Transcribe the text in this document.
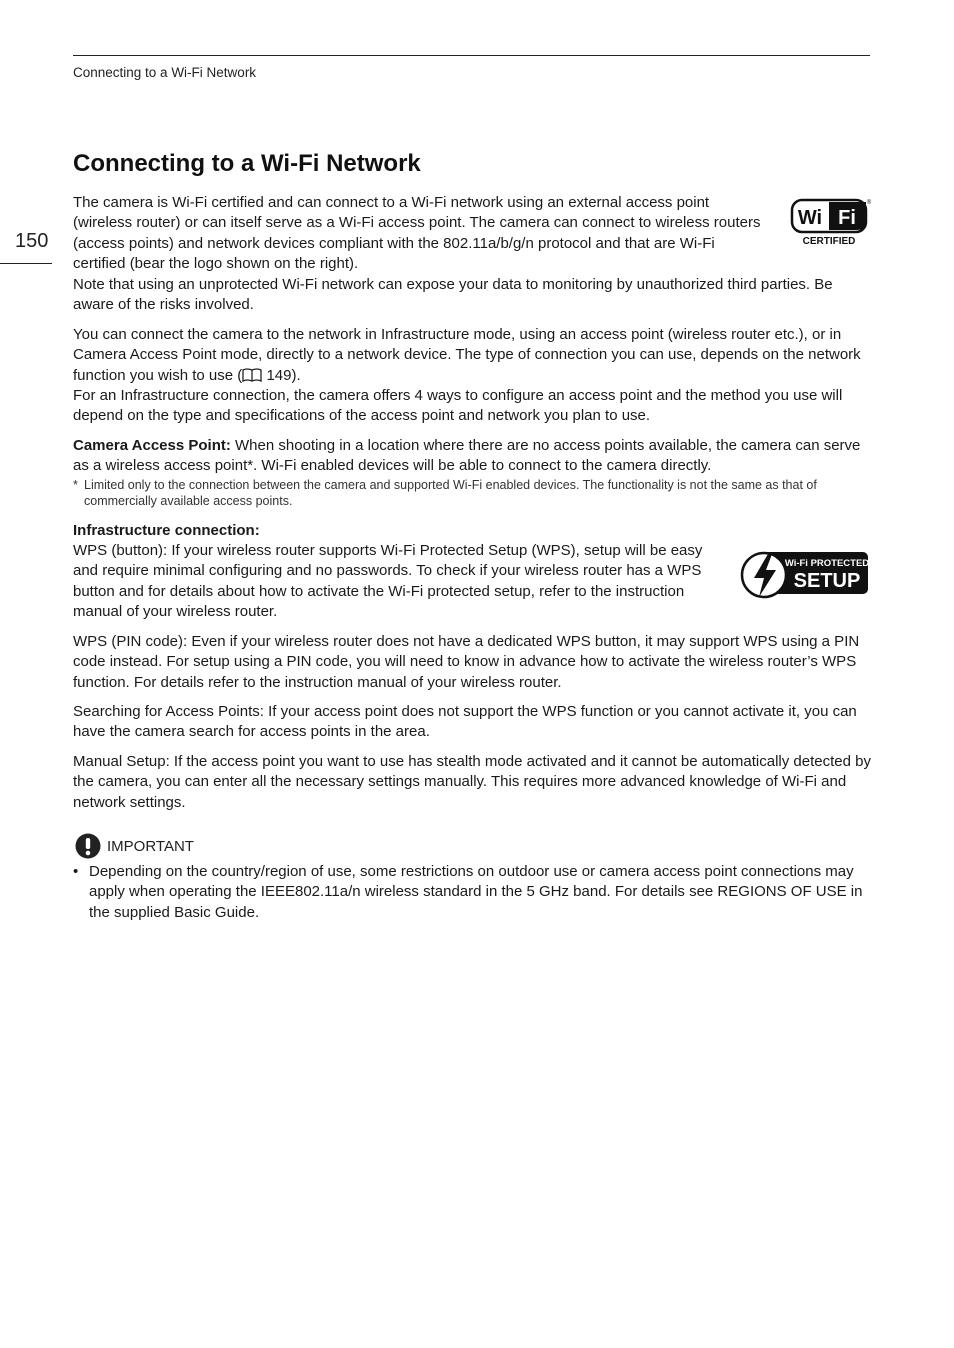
Connecting to a Wi-Fi Network
150
Connecting to a Wi-Fi Network

The camera is Wi-Fi certified and can connect to a Wi-Fi network using an external access point (wireless router) or can itself serve as a Wi-Fi access point. The camera can connect to wireless routers (access points) and network devices compliant with the 802.11a/b/g/n protocol and that are Wi-Fi certified (bear the logo shown on the right).

Note that using an unprotected Wi-Fi network can expose your data to monitoring by unauthorized third parties. Be aware of the risks involved.

Wi Fi
®
CERTIFIED

You can connect the camera to the network in Infrastructure mode, using an access point (wireless router etc.), or in Camera Access Point mode, directly to a network device. The type of connection you can use, depends on the network function you wish to use ( 149).

For an Infrastructure connection, the camera offers 4 ways to configure an access point and the method you use will depend on the type and specifications of the access point and network you plan to use.

Camera Access Point: When shooting in a location where there are no access points available, the camera can serve as a wireless access point*. Wi-Fi enabled devices will be able to connect to the camera directly.

* Limited only to the connection between the camera and supported Wi-Fi enabled devices. The functionality is not the same as that of commercially available access points.

Infrastructure connection:

WPS (button): If your wireless router supports Wi-Fi Protected Setup (WPS), setup will be easy and require minimal configuring and no passwords. To check if your wireless router has a WPS button and for details about how to activate the Wi-Fi protected setup, refer to the instruction manual of your wireless router.

Wi-Fi PROTECTED
SETUP

WPS (PIN code): Even if your wireless router does not have a dedicated WPS button, it may support WPS using a PIN code instead. For setup using a PIN code, you will need to know in advance how to activate the wireless router’s WPS function. For details refer to the instruction manual of your wireless router.

Searching for Access Points: If your access point does not support the WPS function or you cannot activate it, you can have the camera search for access points in the area.

Manual Setup: If the access point you want to use has stealth mode activated and it cannot be automatically detected by the camera, you can enter all the necessary settings manually. This requires more advanced knowledge of Wi-Fi and network settings.

IMPORTANT
• Depending on the country/region of use, some restrictions on outdoor use or camera access point connections may apply when operating the IEEE802.11a/n wireless standard in the 5 GHz band. For details see REGIONS OF USE in the supplied Basic Guide.
